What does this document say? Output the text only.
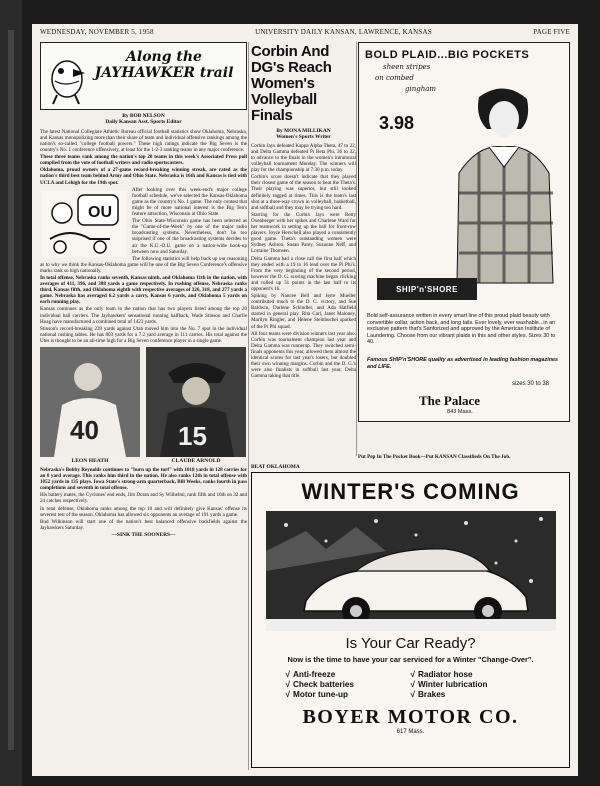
WEDNESDAY, NOVEMBER 5, 1958	UNIVERSITY DAILY KANSAN, LAWRENCE, KANSAS	PAGE FIVE
Along the JAYHAWKER trail
By BOB NELSON
Daily Kansan Asst. Sports Editor

The latest National Collegiate Athletic Bureau official football statistics show Oklahoma, Nebraska, and Kansas monopolizing more than their share of team and individual offensive rankings among the nation's so-called "college football powers." These high ratings indicate the Big Seven is the country's No. 1 conference offensively, at least for the 1-2-3 ranking teams in any major conference.

These three teams rank among the nation's top 20 teams in this week's Associated Press poll compiled from the vote of football writers and radio sportscasters.

Oklahoma, proud owners of a 27-game record-breaking winning streak, are rated as the nation's third best team behind Army and Ohio State. Nebraska is 16th and Kansas is tied with UCLA and Lehigh for the 19th spot.

OU

After looking over this week-end's major college football schedule, we've selected the Kansas-Oklahoma game as the country's No. 1 game. The only contest that might be of more national interest is the Big Ten's feature attraction, Wisconsin at Ohio State.

The Ohio State-Wisconsin game has been selected as the "Game-of-the-Week" by one of the major radio broadcasting systems. Nevertheless, don't be too surprised if one of the broadcasting systems decides to air the K.U.-O.U. game on a nation-wide hook-up between now and Saturday.

The following statistics will help back up our reasoning as to why we think the Kansas-Oklahoma game will be one of the Big Seven Conference's offensive marks rank so high nationally.

In total offense, Nebraska ranks seventh, Kansas ninth, and Oklahoma 11th in the nation, with averages of 411, 396, and 388 yards a game respectively. In rushing offense, Nebraska ranks third, Kansas fifth, and Oklahoma eighth with respective averages of 326, 318, and 277 yards a game. Nebraska has averaged 6.2 yards a carry, Kansas 6 yards, and Oklahoma 5 yards on each running play.

Kansas continues as the only team in the nation that has two players listed among the top 20 individual ball carriers. The Jayhawkers' sensational running halfback, Wade Stinson and Charlie Hoag have manufactured a combined total of 1423 yards.

Stinson's record-breaking 239 yards against Utah moved him into the No. 7 spot in the individual national rushing tables. He has 803 yards for a 7.2 yard average in 111 carries. His total against the Utes is thought to be an all-time high for a Big Seven conference player in a single game.

40
LEON HEATH
15
CLAUDE ARNOLD

Nebraska's Bobby Reynolds continues to "burn up the turf" with 1018 yards in 128 carries for an 8 yard average. This ranks him third in the nation. He also ranks 12th in total offense with 1052 yards in 135 plays. Iowa State's strong-arm quarterback, Bill Weeks, ranks fourth in pass completions and seventh in total offense.

His battery mates, the Cyclones' end ends, Jim Doran and Sy Wilhelmi, rank fifth and 16th on 32 and 24 catches respectively.

In total defense, Oklahoma ranks among the top 10 and will definitely give Kansas' offense its severest test of the season. Oklahoma has allowed six opponents an average of 191 yards a game.

Bud Wilkinson will start one of the nation's best balanced offensive backfields against the Jayhawkers Saturday.

—SINK THE SOONERS—
Corbin And DG's Reach Women's Volleyball Finals
By MONA MILLIKAN
Women's Sports Writer

Corbin Jays defeated Kappa Alpha Theta, 47 to 22, and Delta Gamma defeated Pi Beta Phi, 36 to 32, to advance to the finals in the women's intramural volleyball tournament Monday. The winners will play for the championship at 7:30 p.m. today.

Corbin's score doesn't indicate that they played their closest game of the season to beat the Theta's. Their playing was superior, but still looked definitely ragged at times. This is the team's last shot at a three-way crown in volleyball, basketball, and softball and they may be trying too hard.

Starring for the Corbin Jays were Betty Oxenberger with her spikes and Charlene Ward for her teamwork in setting up the ball for front-row players. Joyce Herschell also played a consistently good game. Theta's outstanding women were Sydney Ashton, Susan Parey, Suzanne Neff, and Lorraine Thomsen.

Delta Gamma had a close call the first half which they ended with a 19 to 16 lead over the Pi Phi's. From the very beginning of the second period, however the D. G. scoring machine began clicking and rolled up 31 points in the last half to its opponent's 16.

Spiking by Nancee Bell and Jerre Mueller contributed much to the D. G. victory, and Sue Baldwin, Darlene Schindler, and Ada Hatfield starred in general play. Rita Carl, Janet Maloney, Marilyn Ringler, and Helene Steinbuchel sparked of the Pi Phi squad.

All four teams were division winners last year also. Corbin was tournament champion last year and Delta Gamma was runnerup. They switched semi-finals opponents this year, allowed them almost the identical scores for last year's losers, but doubled their own winning margins. Corbin and the D. G.'s were also finalists in softball last year, Delta Gamma taking that title.

BOLD PLAID...BIG POCKETS
sheen stripes
on combed
gingham
3.98
SHIP'n'SHORE
Bold self-assurance written in every smart line of this proud plaid beauty with convertible collar, action back, and long tails. Ever lovely, ever washable...in an exclusive pattern that's Sanforized and approved by the American Institute of Laundering. Choose from our vibrant plaids in this and other styles. Sizes 30 to 40.
Famous SHIP'n'SHORE quality as advertised in leading fashion magazines and LIFE.
sizes 30 to 38
The Palace
843 Mass.
Put Pep In The Pocket Book—Put KANSAN Classifieds On The Job.
BEAT OKLAHOMA
WINTER'S COMING
Is Your Car Ready?
Now is the time to have your car serviced for a Winter "Change-Over".
√ Anti-freeze	√ Radiator hose
√ Check batteries	√ Winter lubrication
√ Motor tune-up	√ Brakes
BOYER MOTOR CO.
617 Mass.
